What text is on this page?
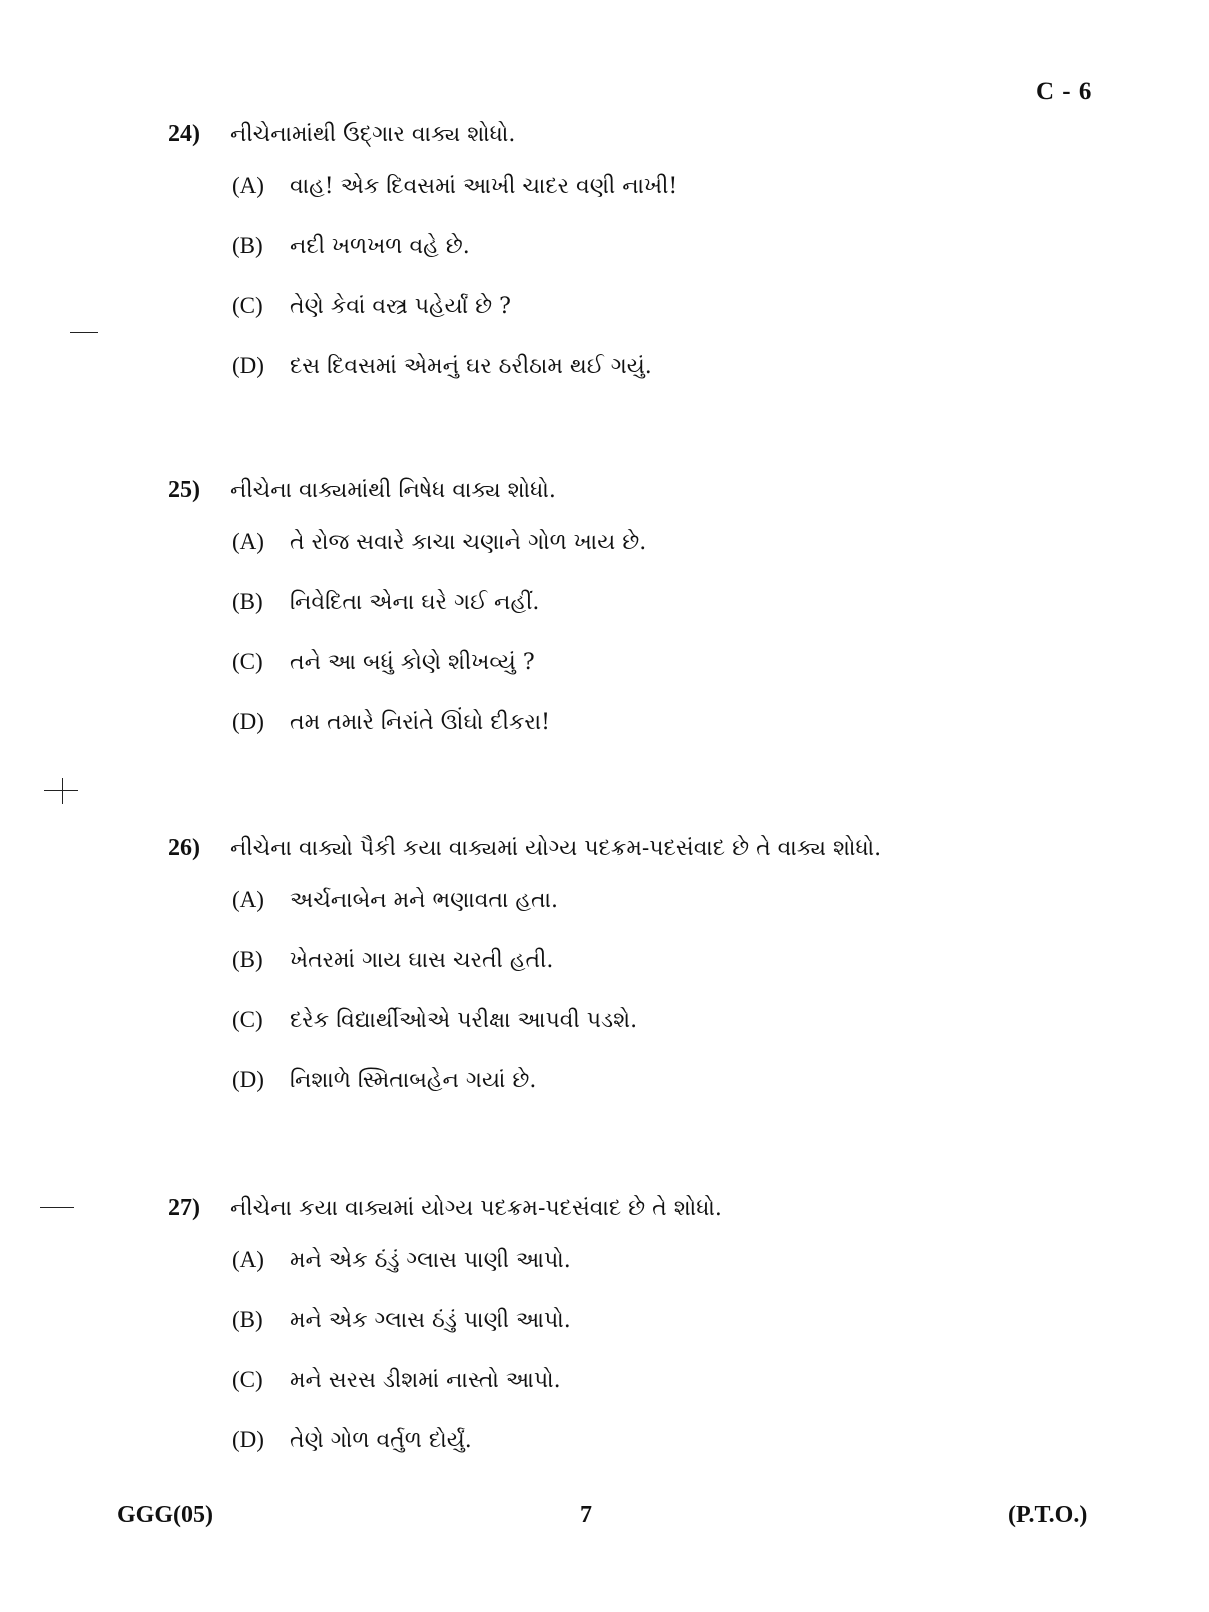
C - 6
24)	નીચેનામાંથી ઉદ્ગાર વાક્ય શોધો.
(A)	વાહ! એક દિવસમાં આખી ચાદર વણી નાખી!
(B)	નદી ખળખળ વહે છે.
(C)	તેણે કેવાં વસ્ત્ર પહેર્યાં છે ?
(D)	દસ દિવસમાં એમનું ઘર ઠરીઠામ થઈ ગયું.
25)	નીચેના વાક્યમાંથી નિષેધ વાક્ય શોધો.
(A)	તે રોજ સવારે કાચા ચણાને ગોળ ખાય છે.
(B)	નિવેદિતા એના ઘરે ગઈ નહીં.
(C)	તને આ બધું કોણે શીખવ્યું ?
(D)	તમ તમારે નિરાંતે ઊંઘો દીકરા!
26)	નીચેના વાક્યો પૈકી કયા વાક્યમાં યોગ્ય પદક્રમ-પદસંવાદ છે તે વાક્ય શોધો.
(A)	અર્ચનાબેન મને ભણાવતા હતા.
(B)	ખેતરમાં ગાય ઘાસ ચરતી હતી.
(C)	દરેક વિદ્યાર્થીઓએ પરીક્ષા આપવી પડશે.
(D)	નિશાળે સ્મિતાબહેન ગયાં છે.
27)	નીચેના કયા વાક્યમાં યોગ્ય પદક્રમ-પદસંવાદ છે તે શોધો.
(A)	મને એક ઠંડું ગ્લાસ પાણી આપો.
(B)	મને એક ગ્લાસ ઠંડું પાણી આપો.
(C)	મને સરસ ડીશમાં નાસ્તો આપો.
(D)	તેણે ગોળ વર્તુળ દોર્યું.
GGG(05)	7	(P.T.O.)
